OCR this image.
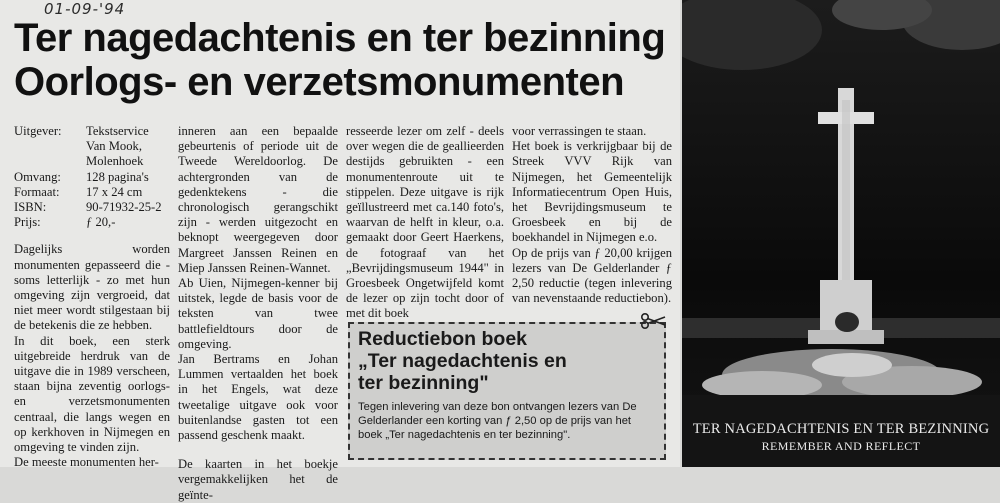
01-09-'94
Ter nagedachtenis en ter bezinning
Oorlogs- en verzetsmonumenten
Uitgever:	Tekstservice
Van Mook,
Molenhoek
Omvang:	128 pagina's
Formaat:	17 x 24 cm
ISBN:	90-71932-25-2
Prijs:	ƒ 20,-

Dagelijks worden monumenten gepasseerd die - soms letterlijk - zo met hun omgeving zijn vergroeid, dat niet meer wordt stilgestaan bij de betekenis die ze hebben.

In dit boek, een sterk uitgebreide herdruk van de uitgave die in 1989 verscheen, staan bijna zeventig oorlogs- en verzetsmonumenten centraal, die langs wegen en op kerkhoven in Nijmegen en omgeving te vinden zijn.

De meeste monumenten her-

inneren aan een bepaalde gebeurtenis of periode uit de Tweede Wereldoorlog. De achtergronden van de gedenktekens - die chronologisch gerangschikt zijn - werden uitgezocht en beknopt weergegeven door Margreet Janssen Reinen en Miep Janssen Reinen-Wannet.

Ab Uien, Nijmegen-kenner bij uitstek, legde de basis voor de teksten van twee battlefieldtours door de omgeving.

Jan Bertrams en Johan Lummen vertaalden het boek in het Engels, wat deze tweetalige uitgave ook voor buitenlandse gasten tot een passend geschenk maakt.

De kaarten in het boekje vergemakkelijken het de geïnte-

resseerde lezer om zelf - deels over wegen die de geallieerden destijds gebruikten - een monumentenroute uit te stippelen. Deze uitgave is rijk geïllustreerd met ca.140 foto's, waarvan de helft in kleur, o.a. gemaakt door Geert Haerkens, de fotograaf van het „Bevrijdingsmuseum 1944" in Groesbeek Ongetwijfeld komt de lezer op zijn tocht door of met dit boek

voor verrassingen te staan.

Het boek is verkrijgbaar bij de Streek VVV Rijk van Nijmegen, het Gemeentelijk Informatiecentrum Open Huis, het Bevrijdingsmuseum te Groesbeek en bij de boekhandel in Nijmegen e.o.

Op de prijs van ƒ 20,00 krijgen lezers van De Gelderlander ƒ 2,50 reductie (tegen inlevering van nevenstaande reductiebon).

Reductiebon boek

„Ter nagedachtenis en

ter bezinning"

Tegen inlevering van deze bon ontvangen lezers van De Gelderlander een korting van ƒ 2,50 op de prijs van het boek „Ter nagedachtenis en ter bezinning".	TER NAGEDACHTENIS EN TER BEZINNING
REMEMBER AND REFLECT
